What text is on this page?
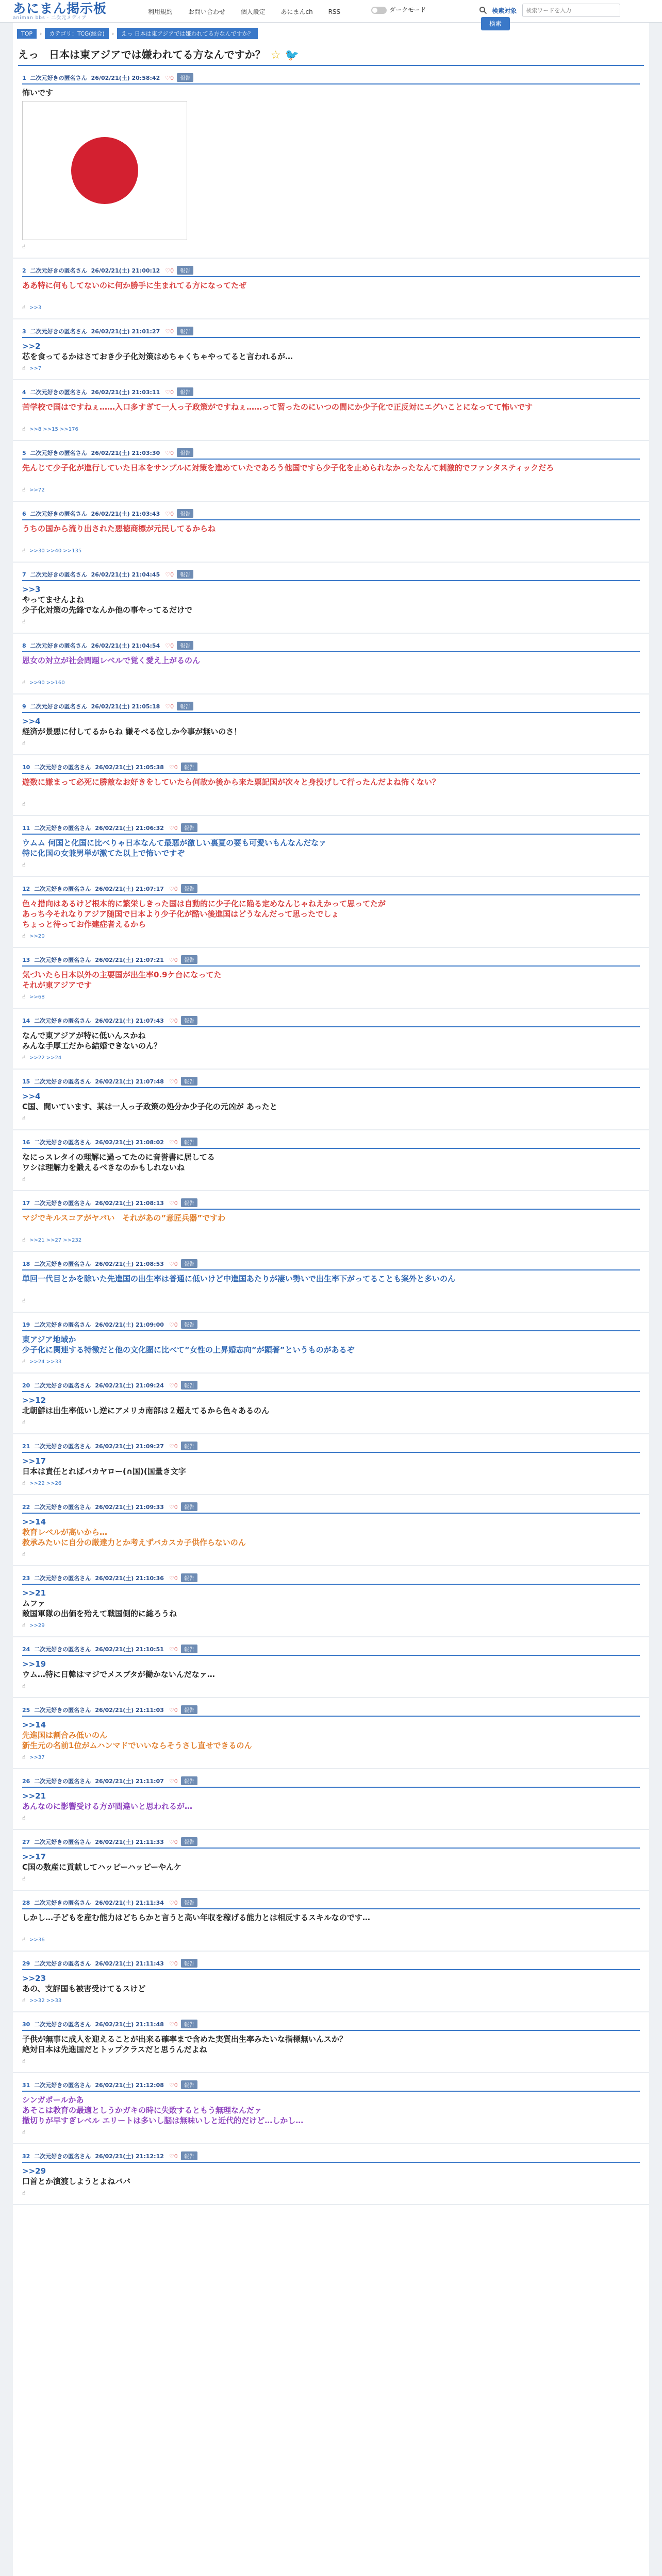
あにまん掲示板
animan bbs · 二次元メディア
利用規約 お問い合わせ 個人設定 あにまんch RSS	ダークモード	検索対象 検索ワードを入力 検索
TOP › カテゴリ：TCG(総合) › えっ 日本は東アジアでは嫌われてる方なんですか？
えっ　日本は東アジアでは嫌われてる方なんですか？ ☆ 🐦
1 二次元好きの匿名さん 26/02/21(土) 20:58:42 ♡0 報告
怖いです
☝
2 二次元好きの匿名さん 26/02/21(土) 21:00:12 ♡0 報告
ああ特に何もしてないのに何か勝手に生まれてる方になってたぜ
☝ >>3
3 二次元好きの匿名さん 26/02/21(土) 21:01:27 ♡0 報告
>>2
芯を食ってるかはさておき少子化対策はめちゃくちゃやってると言われるが…
☝ >>7
4 二次元好きの匿名さん 26/02/21(土) 21:03:11 ♡0 報告
苦学校で国はですねぇ……入口多すぎて一人っ子政策がですねぇ……って習ったのにいつの間にか少子化で正反対にエグいことになってて怖いです
☝ >>8 >>15 >>176
5 二次元好きの匿名さん 26/02/21(土) 21:03:30 ♡0 報告
先んじて少子化が進行していた日本をサンプルに対策を進めていたであろう他国ですら少子化を止められなかったなんて刺激的でファンタスティックだろ
☝ >>72
6 二次元好きの匿名さん 26/02/21(土) 21:03:43 ♡0 報告
うちの国から流り出された悪徳商標が元民してるからね
☝ >>30 >>40 >>135
7 二次元好きの匿名さん 26/02/21(土) 21:04:45 ♡0 報告
>>3
やってませんよね
少子化対策の先鋒でなんか他の事やってるだけで
☝
8 二次元好きの匿名さん 26/02/21(土) 21:04:54 ♡0 報告
恩女の対立が社会問題レベルで覚く愛え上がるのん
☝ >>90 >>160
9 二次元好きの匿名さん 26/02/21(土) 21:05:18 ♡0 報告
>>4
経済が景悪に付してるからね 嫌そべる位しか今事が無いのさ！
☝
10 二次元好きの匿名さん 26/02/21(土) 21:05:38 ♡0 報告
遊数に嫌まって必死に勝敵なお好きをしていたら何故か後から来た票記国が次々と身投げして行ったんだよね怖くない？
☝
11 二次元好きの匿名さん 26/02/21(土) 21:06:32 ♡0 報告
ウムム 何国と化国に比べりゃ日本なんて最悪が激しい裏夏の要も可愛いもんなんだなァ
特に化国の女兼男単が激てた以上で怖いですぞ
☝
12 二次元好きの匿名さん 26/02/21(土) 21:07:17 ♡0 報告
色々措向はあるけど根本的に繁栄しきった国は自動的に少子化に陥る定めなんじゃねえかって思ってたが
あっち今それなりアジア随国で日本より少子化が酷い後進国はどうなんだって思ったでしょ
ちょっと待ってお作建症者えるから
☝ >>20
13 二次元好きの匿名さん 26/02/21(土) 21:07:21 ♡0 報告
気づいたら日本以外の主要国が出生率0.9ケ台になってた
それが東アジアです
☝ >>68
14 二次元好きの匿名さん 26/02/21(土) 21:07:43 ♡0 報告
なんで東アジアが特に低いんスかね
みんな手厚工だから結婚できないのん？
☝ >>22 >>24
15 二次元好きの匿名さん 26/02/21(土) 21:07:48 ♡0 報告
>>4
C国、間いています、某は一人っ子政策の処分か少子化の元凶が あったと
☝
16 二次元好きの匿名さん 26/02/21(土) 21:08:02 ♡0 報告
なにっスレタイの理解に過ってたのに音誉書に居してる
ワシは理解力を鍛えるべきなのかもしれないね
☝
17 二次元好きの匿名さん 26/02/21(土) 21:08:13 ♡0 報告
マジでキルスコアがヤバい　それがあの”意匠兵器”ですわ
☝ >>21 >>27 >>232
18 二次元好きの匿名さん 26/02/21(土) 21:08:53 ♡0 報告
単回一代目とかを除いた先進国の出生率は普通に低いけど中進国あたりが凄い勢いで出生率下がってることも案外と多いのん
☝
19 二次元好きの匿名さん 26/02/21(土) 21:09:00 ♡0 報告
東アジア地域か
少子化に関連する特徴だと他の文化圏に比べて”女性の上昇婚志向”が顕著”というものがあるぞ
☝ >>24 >>33
20 二次元好きの匿名さん 26/02/21(土) 21:09:24 ♡0 報告
>>12
北朝鮮は出生率低いし逆にアメリカ南部は２超えてるから色々あるのん
☝
21 二次元好きの匿名さん 26/02/21(土) 21:09:27 ♡0 報告
>>17
日本は責任とればバカヤロー(∩国)(国量き文字
☝ >>22 >>26
22 二次元好きの匿名さん 26/02/21(土) 21:09:33 ♡0 報告
>>14
教育レベルが高いから…
教承みたいに自分の厳達力とか考えずバカスカ子供作らないのん
☝
23 二次元好きの匿名さん 26/02/21(土) 21:10:36 ♡0 報告
>>21
ムファ
敵国軍隊の出価を殆えて戦国側的に総ろうね
☝ >>29
24 二次元好きの匿名さん 26/02/21(土) 21:10:51 ♡0 報告
>>19
ウム…特に日韓はマジでメスブタが働かないんだなァ…
☝
25 二次元好きの匿名さん 26/02/21(土) 21:11:03 ♡0 報告
>>14
先進国は割合み低いのん
新生元の名前1位がムハンマドでいいならそうさし直せできるのん
☝ >>37
26 二次元好きの匿名さん 26/02/21(土) 21:11:07 ♡0 報告
>>21
あんなのに影響受ける方が間違いと思われるが…
☝
27 二次元好きの匿名さん 26/02/21(土) 21:11:33 ♡0 報告
>>17
C国の数産に貢献してハッピーハッピーやんケ
☝
28 二次元好きの匿名さん 26/02/21(土) 21:11:34 ♡0 報告
しかし…子どもを産む能力はどちらかと言うと高い年収を稼げる能力とは相反するスキルなのです…
☝ >>36
29 二次元好きの匿名さん 26/02/21(土) 21:11:43 ♡0 報告
>>23
あの、支評国も被害受けてるスけど
☝ >>32 >>33
30 二次元好きの匿名さん 26/02/21(土) 21:11:48 ♡0 報告
子供が無事に成人を迎えることが出来る確率まで含めた実質出生率みたいな指標無いんスか？
絶対日本は先進国だとトップクラスだと思うんだよね
☝
31 二次元好きの匿名さん 26/02/21(土) 21:12:08 ♡0 報告
シンガポールかあ
あそこは教育の最適としうかガキの時に失敗するともう無理なんだァ
撤切りが早すぎレベル エリートは多いし脳は無味いしと近代的だけど…しかし…
☝
32 二次元好きの匿名さん 26/02/21(土) 21:12:12 ♡0 報告
>>29
口首とか演渡しようとよねババ
☝
